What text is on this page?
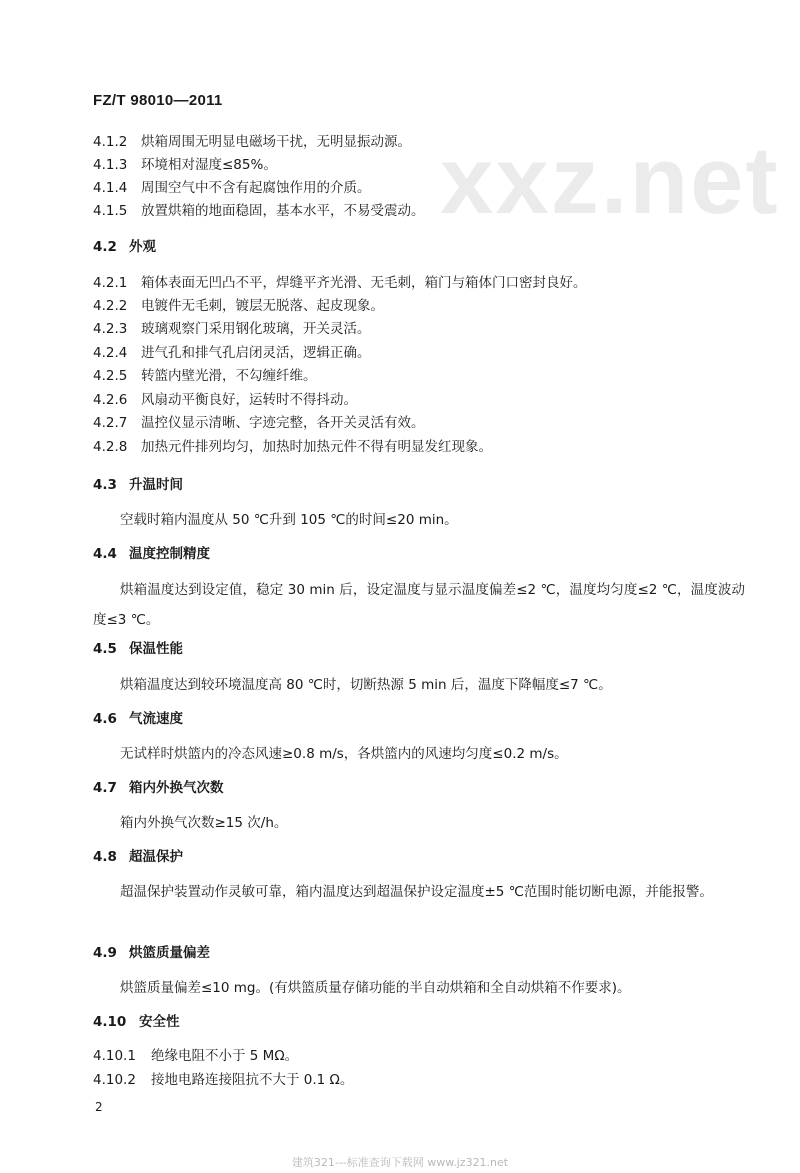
FZ/T 98010—2011
xxz.net
4.1.2 烘箱周围无明显电磁场干扰，无明显振动源。
4.1.3 环境相对湿度≤85%。
4.1.4 周围空气中不含有起腐蚀作用的介质。
4.1.5 放置烘箱的地面稳固，基本水平，不易受震动。
4.2 外观
4.2.1 箱体表面无凹凸不平，焊缝平齐光滑、无毛刺，箱门与箱体门口密封良好。
4.2.2 电镀件无毛刺，镀层无脱落、起皮现象。
4.2.3 玻璃观察门采用钢化玻璃，开关灵活。
4.2.4 进气孔和排气孔启闭灵活，逻辑正确。
4.2.5 转篮内壁光滑，不勾缠纤维。
4.2.6 风扇动平衡良好，运转时不得抖动。
4.2.7 温控仪显示清晰、字迹完整，各开关灵活有效。
4.2.8 加热元件排列均匀，加热时加热元件不得有明显发红现象。
4.3 升温时间
空载时箱内温度从 50 ℃升到 105 ℃的时间≤20 min。
4.4 温度控制精度
烘箱温度达到设定值，稳定 30 min 后，设定温度与显示温度偏差≤2 ℃，温度均匀度≤2 ℃，温度波动度≤3 ℃。
4.5 保温性能
烘箱温度达到较环境温度高 80 ℃时，切断热源 5 min 后，温度下降幅度≤7 ℃。
4.6 气流速度
无试样时烘篮内的冷态风速≥0.8 m/s，各烘篮内的风速均匀度≤0.2 m/s。
4.7 箱内外换气次数
箱内外换气次数≥15 次/h。
4.8 超温保护
超温保护装置动作灵敏可靠，箱内温度达到超温保护设定温度±5 ℃范围时能切断电源，并能报警。
4.9 烘篮质量偏差
烘篮质量偏差≤10 mg。(有烘篮质量存储功能的半自动烘箱和全自动烘箱不作要求)。
4.10 安全性
4.10.1 绝缘电阻不小于 5 MΩ。
4.10.2 接地电路连接阻抗不大于 0.1 Ω。
2
建筑321---标准查询下载网 www.jz321.net
